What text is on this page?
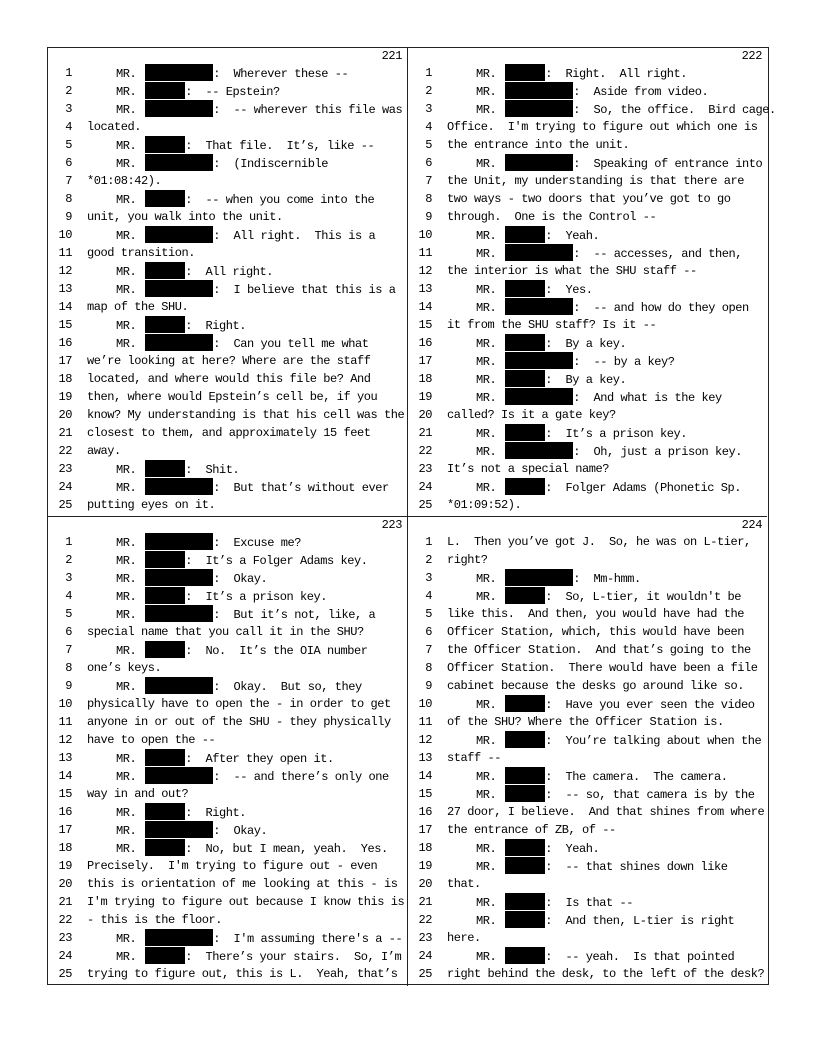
221
1	MR.	:  Wherever these --
2	MR.	:  -- Epstein?
3	MR.	:  -- wherever this file was
4 located.
5	MR.	:  That file.  It’s, like --
6	MR.	:  (Indiscernible
7 *01:08:42).
8	MR.	:  -- when you come into the
9 unit, you walk into the unit.
10	MR.	:  All right.  This is a
11 good transition.
12	MR.	:  All right.
13	MR.	:  I believe that this is a
14 map of the SHU.
15	MR.	:  Right.
16	MR.	:  Can you tell me what
17 we’re looking at here? Where are the staff
18 located, and where would this file be? And
19 then, where would Epstein’s cell be, if you
20 know? My understanding is that his cell was the
21 closest to them, and approximately 15 feet
22 away.
23	MR.	:  Shit.
24	MR.	:  But that’s without ever
25 putting eyes on it.
222
1	MR.	:  Right.  All right.
2	MR.	:  Aside from video.
3	MR.	:  So, the office.  Bird cage.
4 Office.  I'm trying to figure out which one is
5 the entrance into the unit.
6	MR.	:  Speaking of entrance into
7 the Unit, my understanding is that there are
8 two ways - two doors that you’ve got to go
9 through.  One is the Control --
10	MR.	:  Yeah.
11	MR.	:  -- accesses, and then,
12 the interior is what the SHU staff --
13	MR.	:  Yes.
14	MR.	:  -- and how do they open
15 it from the SHU staff? Is it --
16	MR.	:  By a key.
17	MR.	:  -- by a key?
18	MR.	:  By a key.
19	MR.	:  And what is the key
20 called? Is it a gate key?
21	MR.	:  It’s a prison key.
22	MR.	:  Oh, just a prison key.
23 It’s not a special name?
24	MR.	:  Folger Adams (Phonetic Sp.
25 *01:09:52).
223
1	MR.	:  Excuse me?
2	MR.	:  It’s a Folger Adams key.
3	MR.	:  Okay.
4	MR.	:  It’s a prison key.
5	MR.	:  But it’s not, like, a
6 special name that you call it in the SHU?
7	MR.	:  No.  It’s the OIA number
8 one’s keys.
9	MR.	:  Okay.  But so, they
10 physically have to open the - in order to get
11 anyone in or out of the SHU - they physically
12 have to open the --
13	MR.	:  After they open it.
14	MR.	:  -- and there’s only one
15 way in and out?
16	MR.	:  Right.
17	MR.	:  Okay.
18	MR.	:  No, but I mean, yeah.  Yes.
19 Precisely.  I'm trying to figure out - even
20 this is orientation of me looking at this - is
21 I'm trying to figure out because I know this is
22 - this is the floor.
23	MR.	:  I'm assuming there's a --
24	MR.	:  There’s your stairs.  So, I’m
25 trying to figure out, this is L.  Yeah, that’s
224
1 L.  Then you’ve got J.  So, he was on L-tier,
2 right?
3	MR.	:  Mm-hmm.
4	MR.	:  So, L-tier, it wouldn't be
5 like this.  And then, you would have had the
6 Officer Station, which, this would have been
7 the Officer Station.  And that’s going to the
8 Officer Station.  There would have been a file
9 cabinet because the desks go around like so.
10	MR.	:  Have you ever seen the video
11 of the SHU? Where the Officer Station is.
12	MR.	:  You’re talking about when the
13 staff --
14	MR.	:  The camera.  The camera.
15	MR.	:  -- so, that camera is by the
16 27 door, I believe.  And that shines from where
17 the entrance of ZB, of --
18	MR.	:  Yeah.
19	MR.	:  -- that shines down like
20 that.
21	MR.	:  Is that --
22	MR.	:  And then, L-tier is right
23 here.
24	MR.	:  -- yeah.  Is that pointed
25 right behind the desk, to the left of the desk?
